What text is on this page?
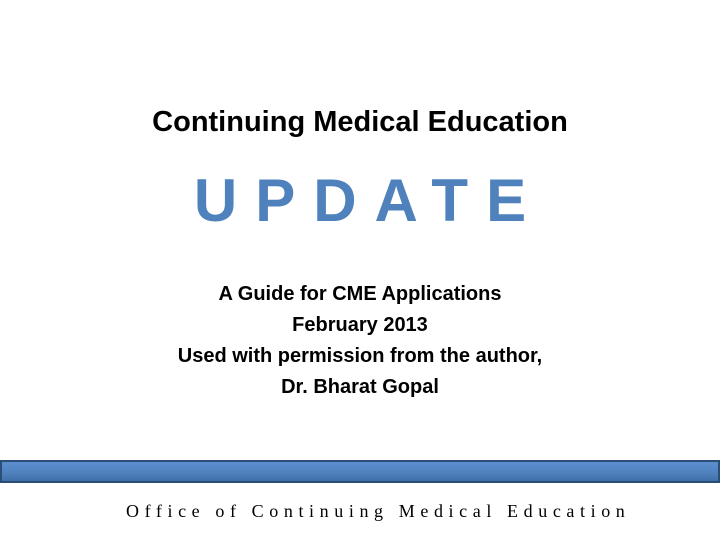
Continuing Medical Education
UPDATE
A Guide for CME Applications
February 2013
Used with permission from the author,
Dr. Bharat Gopal
Office of Continuing Medical Education
